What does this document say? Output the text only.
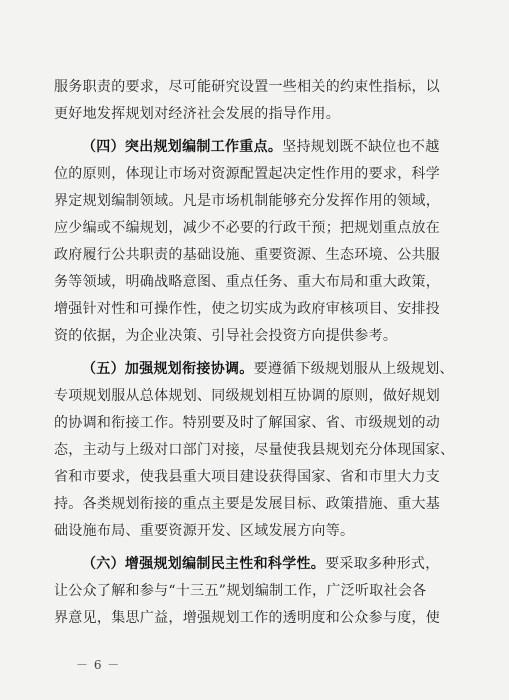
服务职责的要求，尽可能研究设置一些相关的约束性指标，以
更好地发挥规划对经济社会发展的指导作用。
（四）突出规划编制工作重点。坚持规划既不缺位也不越
位的原则，体现让市场对资源配置起决定性作用的要求，科学
界定规划编制领域。凡是市场机制能够充分发挥作用的领域，
应少编或不编规划，减少不必要的行政干预；把规划重点放在
政府履行公共职责的基础设施、重要资源、生态环境、公共服
务等领域，明确战略意图、重点任务、重大布局和重大政策，
增强针对性和可操作性，使之切实成为政府审核项目、安排投
资的依据，为企业决策、引导社会投资方向提供参考。
（五）加强规划衔接协调。要遵循下级规划服从上级规划、
专项规划服从总体规划、同级规划相互协调的原则，做好规划
的协调和衔接工作。特别要及时了解国家、省、市级规划的动
态，主动与上级对口部门对接，尽量使我县规划充分体现国家、
省和市要求，使我县重大项目建设获得国家、省和市里大力支
持。各类规划衔接的重点主要是发展目标、政策措施、重大基
础设施布局、重要资源开发、区域发展方向等。
（六）增强规划编制民主性和科学性。要采取多种形式，
让公众了解和参与“十三五”规划编制工作，广泛听取社会各
界意见，集思广益，增强规划工作的透明度和公众参与度，使
－ 6 －
